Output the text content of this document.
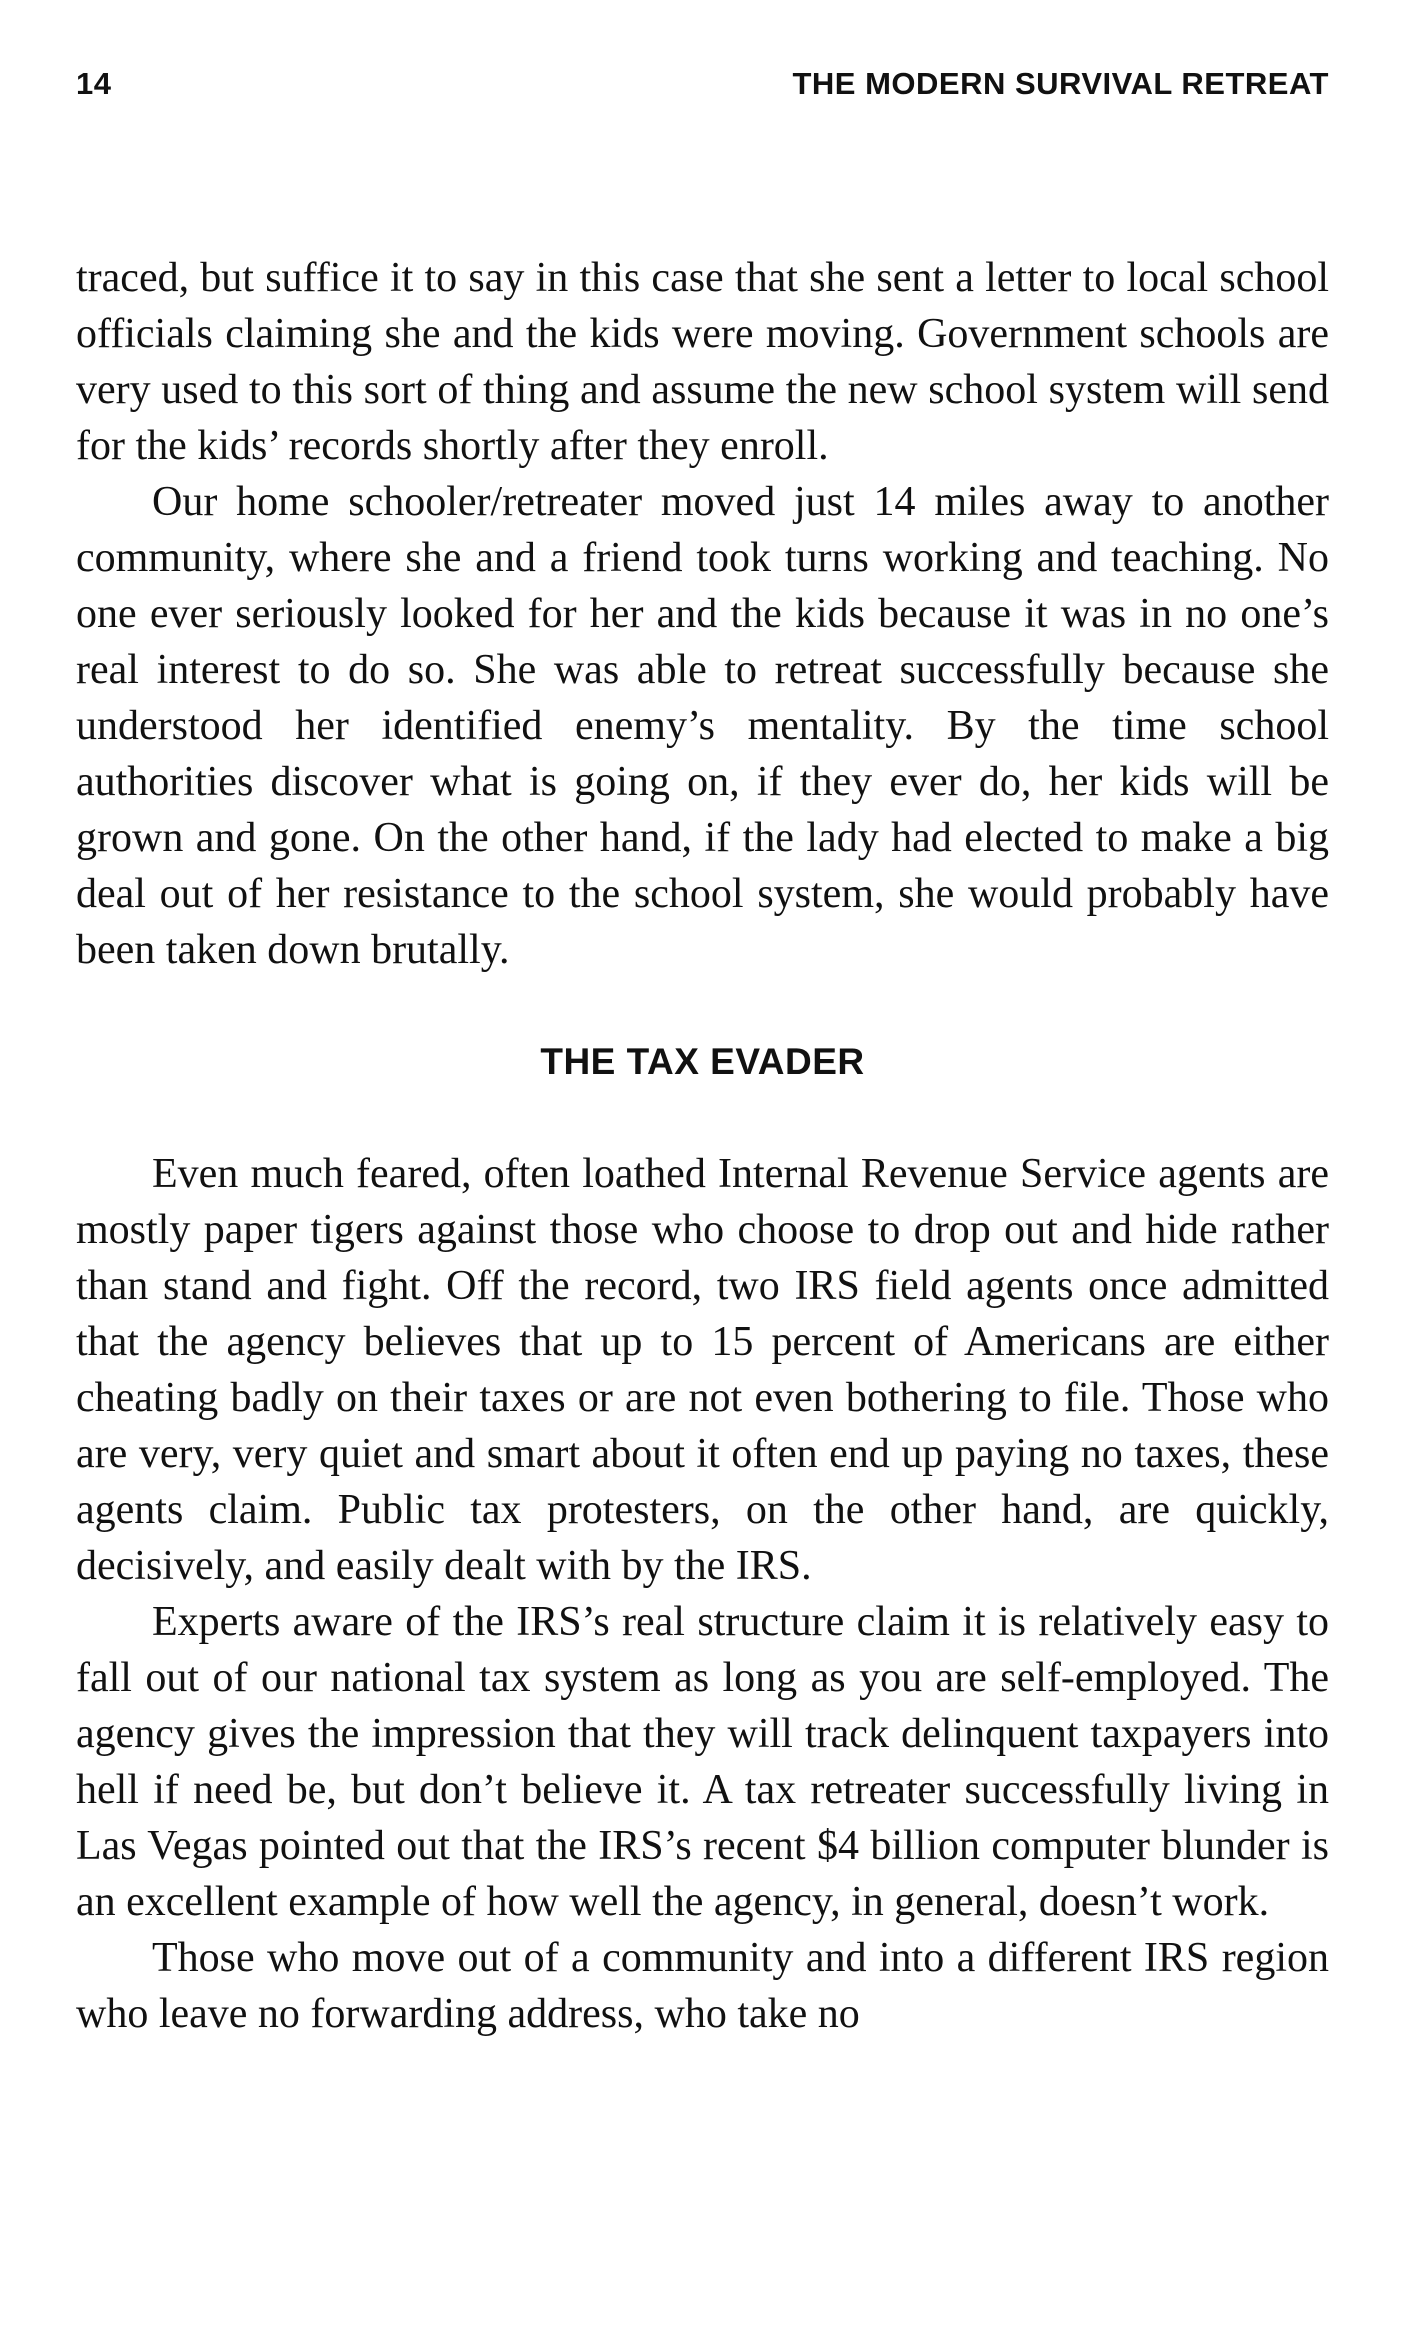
14	THE MODERN SURVIVAL RETREAT

traced, but suffice it to say in this case that she sent a letter to local school officials claiming she and the kids were moving. Government schools are very used to this sort of thing and assume the new school system will send for the kids’ records shortly after they enroll.

Our home schooler/retreater moved just 14 miles away to another community, where she and a friend took turns working and teaching. No one ever seriously looked for her and the kids because it was in no one’s real interest to do so. She was able to retreat successfully because she understood her identified enemy’s mentality. By the time school authorities discover what is going on, if they ever do, her kids will be grown and gone. On the other hand, if the lady had elected to make a big deal out of her resistance to the school system, she would probably have been taken down brutally.

THE TAX EVADER

Even much feared, often loathed Internal Revenue Service agents are mostly paper tigers against those who choose to drop out and hide rather than stand and fight. Off the record, two IRS field agents once admitted that the agency believes that up to 15 percent of Americans are either cheating badly on their taxes or are not even bothering to file. Those who are very, very quiet and smart about it often end up paying no taxes, these agents claim. Public tax protesters, on the other hand, are quickly, decisively, and easily dealt with by the IRS.

Experts aware of the IRS’s real structure claim it is relatively easy to fall out of our national tax system as long as you are self-employed. The agency gives the impression that they will track delinquent taxpayers into hell if need be, but don’t believe it. A tax retreater successfully living in Las Vegas pointed out that the IRS’s recent $4 billion computer blunder is an excellent example of how well the agency, in general, doesn’t work.

Those who move out of a community and into a different IRS region who leave no forwarding address, who take no
